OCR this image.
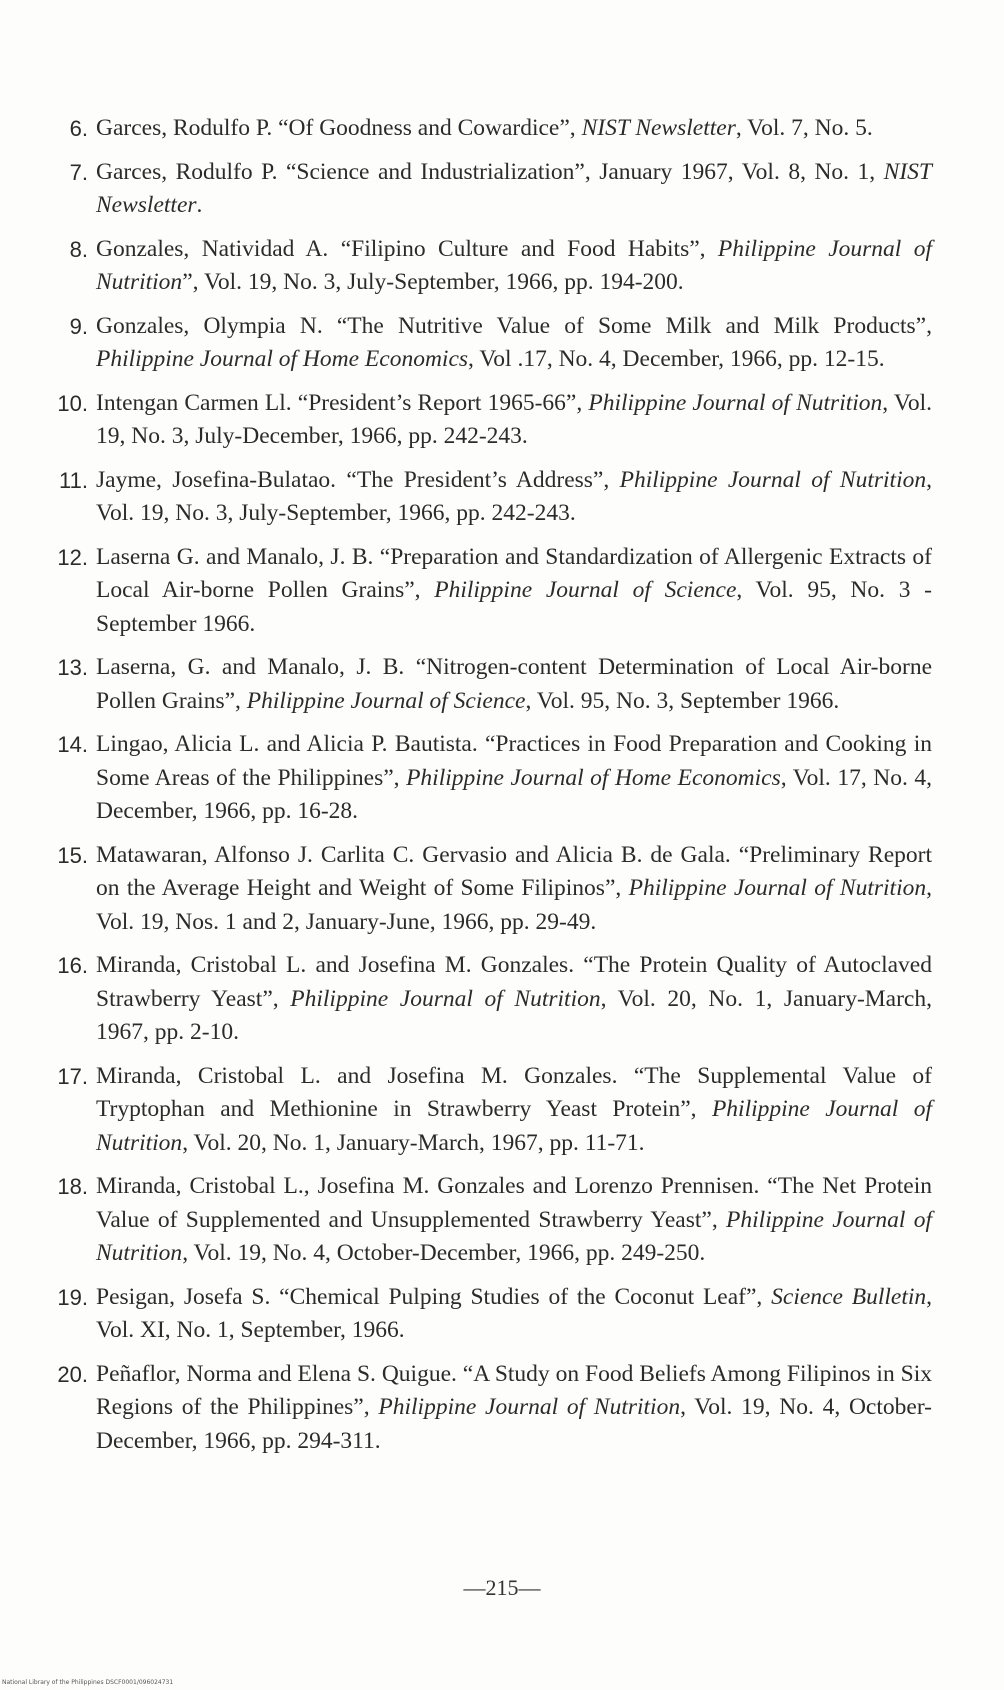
6. Garces, Rodulfo P. “Of Goodness and Cowardice”, NIST Newsletter, Vol. 7, No. 5.
7. Garces, Rodulfo P. “Science and Industrialization”, January 1967, Vol. 8, No. 1, NIST Newsletter.
8. Gonzales, Natividad A. “Filipino Culture and Food Habits”, Philippine Journal of Nutrition”, Vol. 19, No. 3, July-September, 1966, pp. 194-200.
9. Gonzales, Olympia N. “The Nutritive Value of Some Milk and Milk Products”, Philippine Journal of Home Economics, Vol .17, No. 4, December, 1966, pp. 12-15.
10. Intengan Carmen Ll. “President’s Report 1965-66”, Philippine Journal of Nutrition, Vol. 19, No. 3, July-December, 1966, pp. 242-243.
11. Jayme, Josefina-Bulatao. “The President’s Address”, Philippine Journal of Nutrition, Vol. 19, No. 3, July-September, 1966, pp. 242-243.
12. Laserna G. and Manalo, J. B. “Preparation and Standardization of Allergenic Extracts of Local Air-borne Pollen Grains”, Philippine Journal of Science, Vol. 95, No. 3 - September 1966.
13. Laserna, G. and Manalo, J. B. “Nitrogen-content Determination of Local Air-borne Pollen Grains”, Philippine Journal of Science, Vol. 95, No. 3, September 1966.
14. Lingao, Alicia L. and Alicia P. Bautista. “Practices in Food Preparation and Cooking in Some Areas of the Philippines”, Philippine Journal of Home Economics, Vol. 17, No. 4, December, 1966, pp. 16-28.
15. Matawaran, Alfonso J. Carlita C. Gervasio and Alicia B. de Gala. “Preliminary Report on the Average Height and Weight of Some Filipinos”, Philippine Journal of Nutrition, Vol. 19, Nos. 1 and 2, January-June, 1966, pp. 29-49.
16. Miranda, Cristobal L. and Josefina M. Gonzales. “The Protein Quality of Autoclaved Strawberry Yeast”, Philippine Journal of Nutrition, Vol. 20, No. 1, January-March, 1967, pp. 2-10.
17. Miranda, Cristobal L. and Josefina M. Gonzales. “The Supplemental Value of Tryptophan and Methionine in Strawberry Yeast Protein”, Philippine Journal of Nutrition, Vol. 20, No. 1, January-March, 1967, pp. 11-71.
18. Miranda, Cristobal L., Josefina M. Gonzales and Lorenzo Prennisen. “The Net Protein Value of Supplemented and Unsupplemented Strawberry Yeast”, Philippine Journal of Nutrition, Vol. 19, No. 4, October-December, 1966, pp. 249-250.
19. Pesigan, Josefa S. “Chemical Pulping Studies of the Coconut Leaf”, Science Bulletin, Vol. XI, No. 1, September, 1966.
20. Peñaflor, Norma and Elena S. Quigue. “A Study on Food Beliefs Among Filipinos in Six Regions of the Philippines”, Philippine Journal of Nutrition, Vol. 19, No. 4, October-December, 1966, pp. 294-311.
—215—
National Library of the Philippines DSCF0001/096024731
